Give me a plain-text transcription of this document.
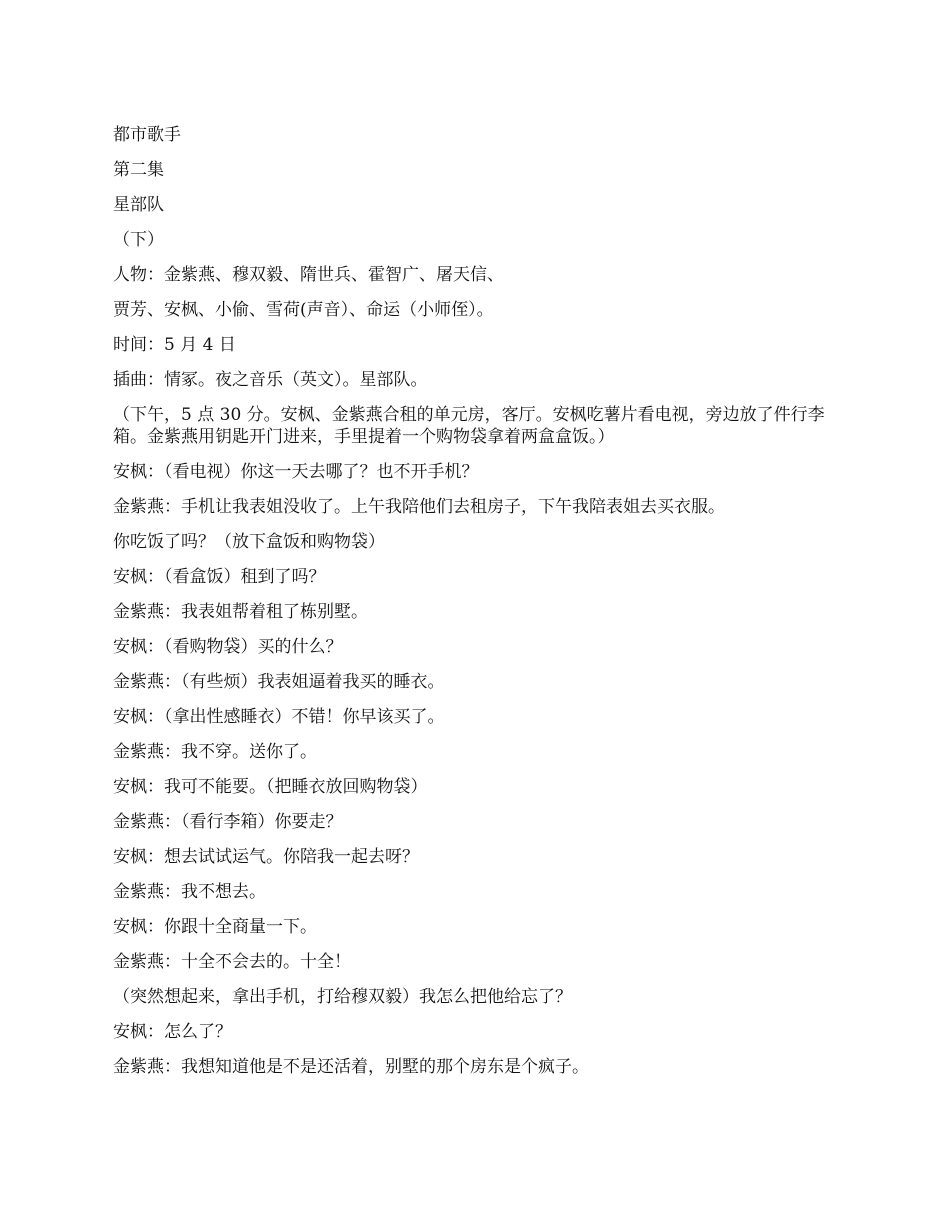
都市歌手
第二集
星部队
（下）
人物：金紫燕、穆双毅、隋世兵、霍智广、屠天信、
贾芳、安枫、小偷、雪荷(声音）、命运（小师侄）。
时间：5 月 4 日
插曲：情冢。夜之音乐（英文）。星部队。
（下午，5 点 30 分。安枫、金紫燕合租的单元房，客厅。安枫吃薯片看电视，旁边放了件行李箱。金紫燕用钥匙开门进来，手里提着一个购物袋拿着两盒盒饭。）
安枫：（看电视）你这一天去哪了？也不开手机？
金紫燕：手机让我表姐没收了。上午我陪他们去租房子，下午我陪表姐去买衣服。
你吃饭了吗？（放下盒饭和购物袋）
安枫：（看盒饭）租到了吗？
金紫燕：我表姐帮着租了栋别墅。
安枫：（看购物袋）买的什么？
金紫燕：（有些烦）我表姐逼着我买的睡衣。
安枫：（拿出性感睡衣）不错！你早该买了。
金紫燕：我不穿。送你了。
安枫：我可不能要。（把睡衣放回购物袋）
金紫燕：（看行李箱）你要走？
安枫：想去试试运气。你陪我一起去呀？
金紫燕：我不想去。
安枫：你跟十全商量一下。
金紫燕：十全不会去的。十全！
（突然想起来，拿出手机，打给穆双毅）我怎么把他给忘了？
安枫：怎么了？
金紫燕：我想知道他是不是还活着，别墅的那个房东是个疯子。
